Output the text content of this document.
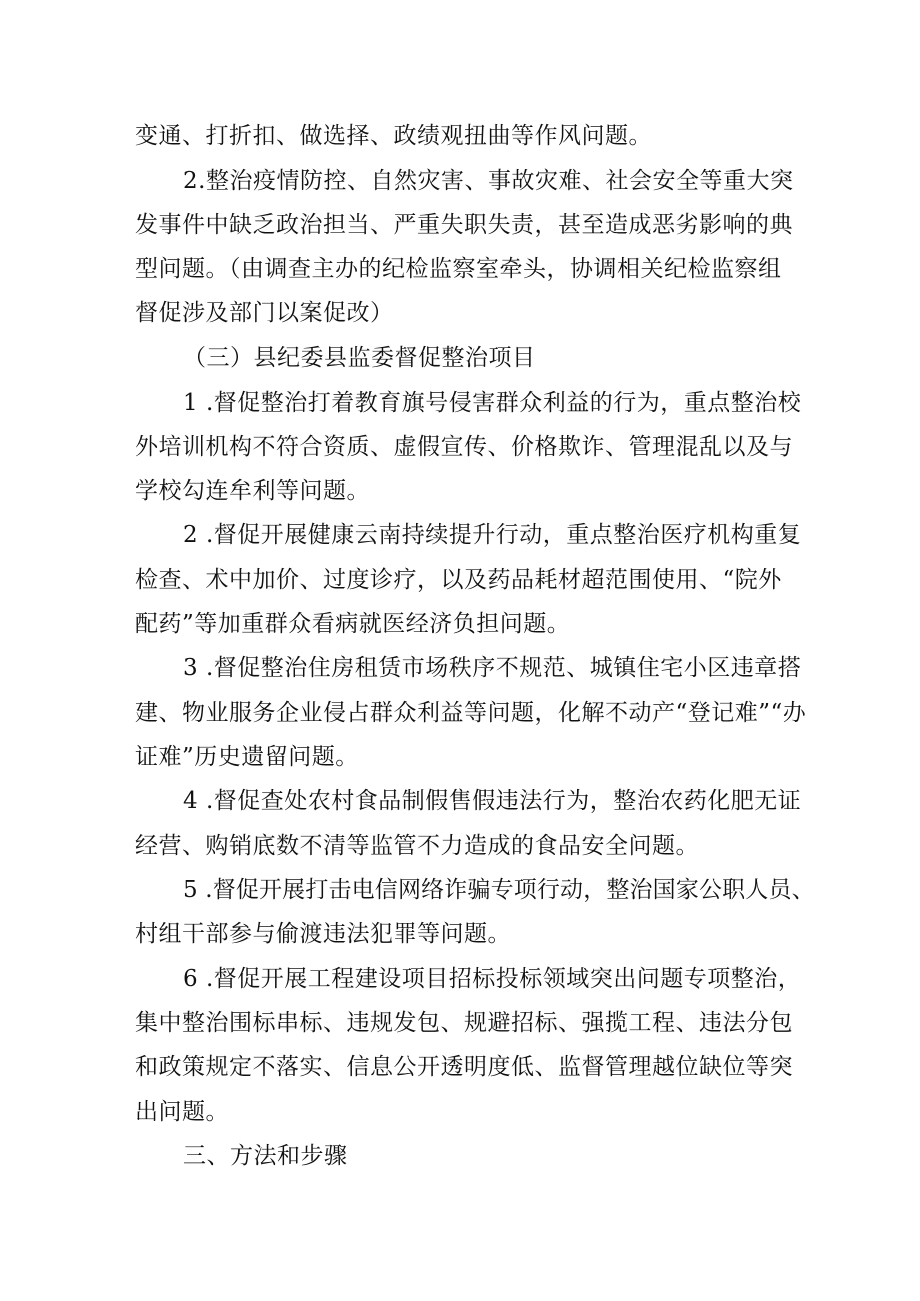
变通、打折扣、做选择、政绩观扭曲等作风问题。
2.整治疫情防控、自然灾害、事故灾难、社会安全等重大突
发事件中缺乏政治担当、严重失职失责，甚至造成恶劣影响的典
型问题。（由调查主办的纪检监察室牵头，协调相关纪检监察组
督促涉及部门以案促改）
（三）县纪委县监委督促整治项目
1 .督促整治打着教育旗号侵害群众利益的行为，重点整治校
外培训机构不符合资质、虚假宣传、价格欺诈、管理混乱以及与
学校勾连牟利等问题。
2 .督促开展健康云南持续提升行动，重点整治医疗机构重复
检查、术中加价、过度诊疗，以及药品耗材超范围使用、“院外
配药”等加重群众看病就医经济负担问题。
3 .督促整治住房租赁市场秩序不规范、城镇住宅小区违章搭
建、物业服务企业侵占群众利益等问题，化解不动产“登记难”“办
证难”历史遗留问题。
4 .督促查处农村食品制假售假违法行为，整治农药化肥无证
经营、购销底数不清等监管不力造成的食品安全问题。
5 .督促开展打击电信网络诈骗专项行动，整治国家公职人员、
村组干部参与偷渡违法犯罪等问题。
6 .督促开展工程建设项目招标投标领域突出问题专项整治，
集中整治围标串标、违规发包、规避招标、强揽工程、违法分包
和政策规定不落实、信息公开透明度低、监督管理越位缺位等突
出问题。
三、方法和步骤
